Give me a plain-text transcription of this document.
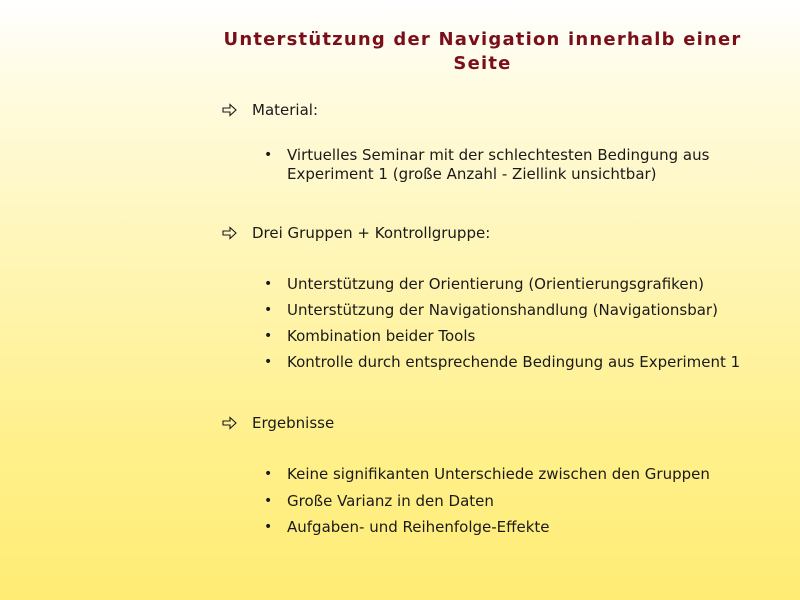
Unterstützung der Navigation innerhalb einer Seite
Material:
• Virtuelles Seminar mit der schlechtesten Bedingung aus Experiment 1 (große Anzahl - Ziellink unsichtbar)
Drei Gruppen + Kontrollgruppe:
• Unterstützung der Orientierung (Orientierungsgrafiken)
• Unterstützung der Navigationshandlung (Navigationsbar)
• Kombination beider Tools
• Kontrolle durch entsprechende Bedingung aus Experiment 1
Ergebnisse
• Keine signifikanten Unterschiede zwischen den Gruppen
• Große Varianz in den Daten
• Aufgaben- und Reihenfolge-Effekte
